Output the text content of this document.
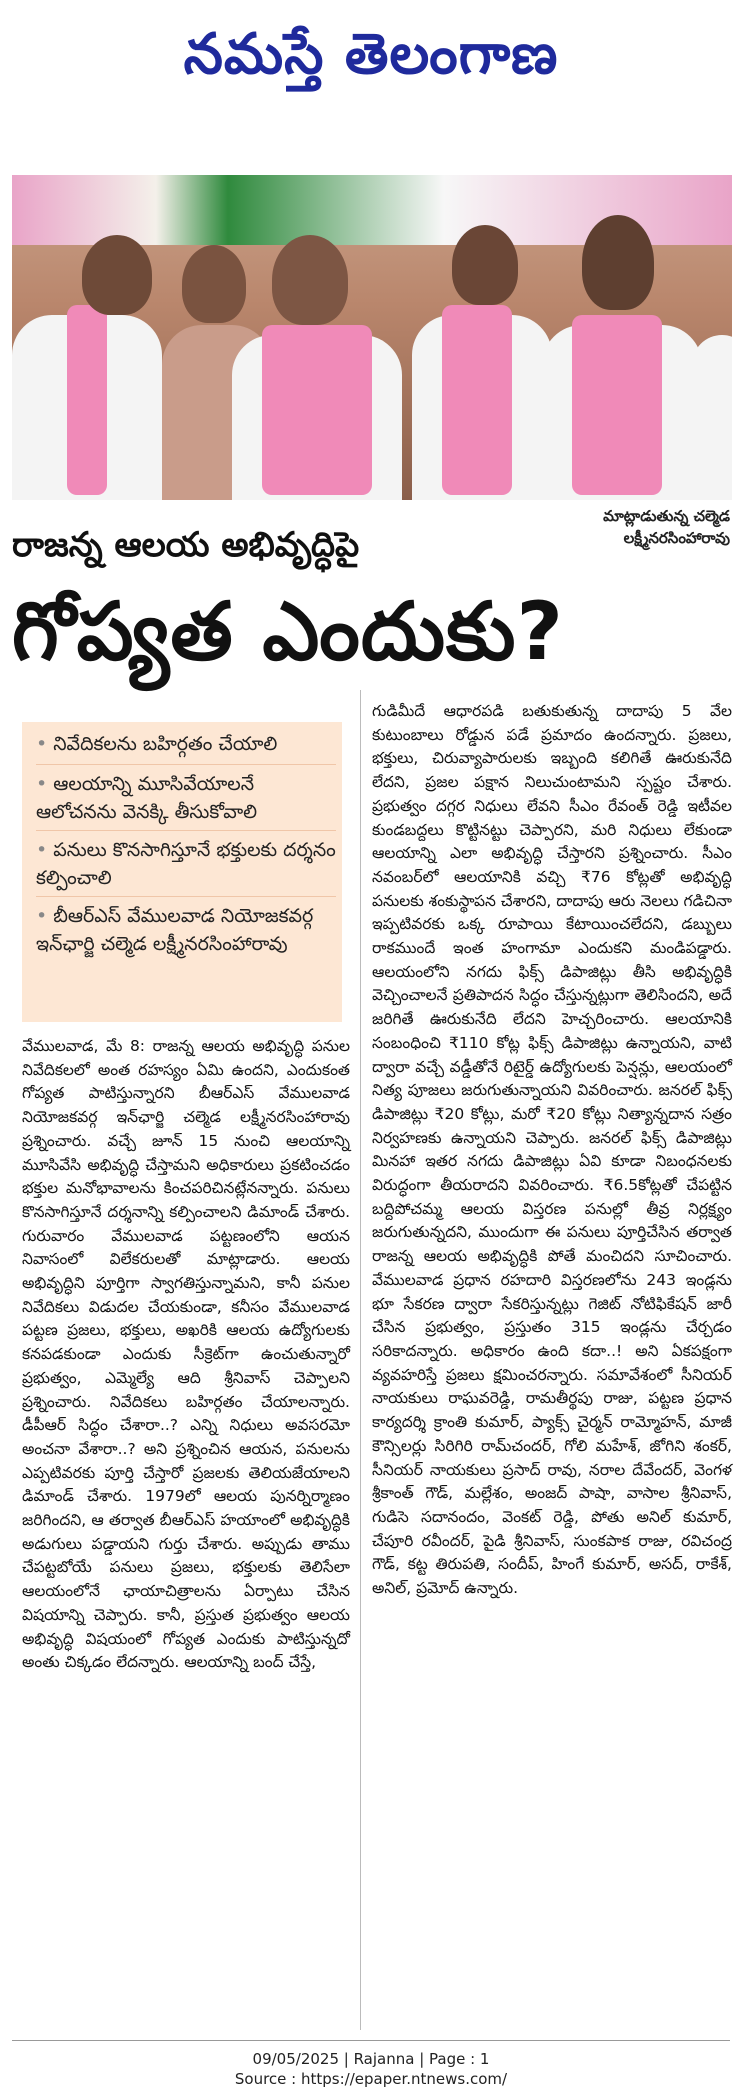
నమస్తే తెలంగాణ
మాట్లాడుతున్న చల్మెడ
లక్ష్మీనరసింహారావు
రాజన్న ఆలయ అభివృద్ధిపై
గోప్యత ఎందుకు?
• నివేదికలను బహిర్గతం చేయాలి
• ఆలయాన్ని మూసివేయాలనే ఆలోచనను వెనక్కి తీసుకోవాలి
• పనులు కొనసాగిస్తూనే భక్తులకు దర్శనం కల్పించాలి
• బీఆర్‌ఎస్ వేములవాడ నియోజకవర్గ ఇన్‌ఛార్జి చల్మెడ లక్ష్మీనరసింహారావు
వేములవాడ, మే 8: రాజన్న ఆలయ అభివృద్ధి పనుల నివేదికలలో అంత రహస్యం ఏమి ఉందని, ఎందుకంత గోప్యత పాటిస్తున్నారని బీఆర్‌ఎస్ వేములవాడ నియోజకవర్గ ఇన్‌ఛార్జి చల్మెడ లక్ష్మీనరసింహారావు ప్రశ్నించారు. వచ్చే జూన్ 15 నుంచి ఆలయాన్ని మూసివేసి అభివృద్ధి చేస్తామని అధికారులు ప్రకటించడం భక్తుల మనోభావాలను కించపరిచినట్లేనన్నారు. పనులు కొనసాగిస్తూనే దర్శనాన్ని కల్పించాలని డిమాండ్ చేశారు. గురువారం వేములవాడ పట్టణంలోని ఆయన నివాసంలో విలేకరులతో మాట్లాడారు. ఆలయ అభివృద్ధిని పూర్తిగా స్వాగతిస్తున్నామని, కానీ పనుల నివేదికలు విడుదల చేయకుండా, కనీసం వేములవాడ పట్టణ ప్రజలు, భక్తులు, అఖరికి ఆలయ ఉద్యోగులకు కనపడకుండా ఎందుకు సీక్రెట్‌గా ఉంచుతున్నారో ప్రభుత్వం, ఎమ్మెల్యే ఆది శ్రీనివాస్ చెప్పాలని ప్రశ్నించారు. నివేదికలు బహిర్గతం చేయాలన్నారు. డీపీఆర్ సిద్ధం చేశారా..? ఎన్ని నిధులు అవసరమో అంచనా వేశారా..? అని ప్రశ్నించిన ఆయన, పనులను ఎప్పటివరకు పూర్తి చేస్తారో ప్రజలకు తెలియజేయాలని డిమాండ్ చేశారు. 1979లో ఆలయ పునర్నిర్మాణం జరిగిందని, ఆ తర్వాత బీఆర్‌ఎస్ హయాంలో అభివృద్ధికి అడుగులు పడ్డాయని గుర్తు చేశారు. అప్పుడు తాము చేపట్టబోయే పనులు ప్రజలు, భక్తులకు తెలిసేలా ఆలయంలోనే ఛాయాచిత్రాలను ఏర్పాటు చేసిన విషయాన్ని చెప్పారు. కానీ, ప్రస్తుత ప్రభుత్వం ఆలయ అభివృద్ధి విషయంలో గోప్యత ఎందుకు పాటిస్తున్నదో అంతు చిక్కడం లేదన్నారు. ఆలయాన్ని బంద్ చేస్తే,
గుడిమీదే ఆధారపడి బతుకుతున్న దాదాపు 5 వేల కుటుంబాలు రోడ్డున పడే ప్రమాదం ఉందన్నారు. ప్రజలు, భక్తులు, చిరువ్యాపారులకు ఇబ్బంది కలిగితే ఊరుకునేది లేదని, ప్రజల పక్షాన నిలుచుంటామని స్పష్టం చేశారు. ప్రభుత్వం దగ్గర నిధులు లేవని సీఎం రేవంత్ రెడ్డి ఇటీవల కుండబద్దలు కొట్టినట్టు చెప్పారని, మరి నిధులు లేకుండా ఆలయాన్ని ఎలా అభివృద్ధి చేస్తారని ప్రశ్నించారు. సీఎం నవంబర్‌లో ఆలయానికి వచ్చి ₹76 కోట్లతో అభివృద్ధి పనులకు శంకుస్థాపన చేశారని, దాదాపు ఆరు నెలలు గడిచినా ఇప్పటివరకు ఒక్క రూపాయి కేటాయించలేదని, డబ్బులు రాకముందే ఇంత హంగామా ఎందుకని మండిపడ్డారు. ఆలయంలోని నగదు ఫిక్స్ డిపాజిట్లు తీసి అభివృద్ధికి వెచ్చించాలనే ప్రతిపాదన సిద్ధం చేస్తున్నట్లుగా తెలిసిందని, అదే జరిగితే ఊరుకునేది లేదని హెచ్చరించారు. ఆలయానికి సంబంధించి ₹110 కోట్ల ఫిక్స్ డిపాజిట్లు ఉన్నాయని, వాటి ద్వారా వచ్చే వడ్డీతోనే రిటైర్డ్ ఉద్యోగులకు పెన్షన్లు, ఆలయంలో నిత్య పూజలు జరుగుతున్నాయని వివరించారు. జనరల్ ఫిక్స్ డిపాజిట్లు ₹20 కోట్లు, మరో ₹20 కోట్లు నిత్యాన్నదాన సత్రం నిర్వహణకు ఉన్నాయని చెప్పారు. జనరల్ ఫిక్స్ డిపాజిట్లు మినహా ఇతర నగదు డిపాజిట్లు ఏవి కూడా నిబంధనలకు విరుద్ధంగా తీయరాదని వివరించారు. ₹6.5కోట్లతో చేపట్టిన బద్దిపోచమ్మ ఆలయ విస్తరణ పనుల్లో తీవ్ర నిర్లక్ష్యం జరుగుతున్నదని, ముందుగా ఈ పనులు పూర్తిచేసిన తర్వాత రాజన్న ఆలయ అభివృద్ధికి పోతే మంచిదని సూచించారు. వేములవాడ ప్రధాన రహదారి విస్తరణలోను 243 ఇండ్లను భూ సేకరణ ద్వారా సేకరిస్తున్నట్లు గెజిట్ నోటిఫికేషన్ జారీ చేసిన ప్రభుత్వం, ప్రస్తుతం 315 ఇండ్లను చేర్చడం సరికాదన్నారు. అధికారం ఉంది కదా..! అని ఏకపక్షంగా వ్యవహరిస్తే ప్రజలు క్షమించరన్నారు. సమావేశంలో సీనియర్ నాయకులు రాఘవరెడ్డి, రామతీర్థపు రాజు, పట్టణ ప్రధాన కార్యదర్శి క్రాంతి కుమార్, ప్యాక్స్ చైర్మన్ రామ్మోహన్, మాజీ కౌన్సిలర్లు సిరిగిరి రామ్‌చందర్, గోలి మహేశ్, జోగిని శంకర్, సీనియర్ నాయకులు ప్రసాద్ రావు, నరాల దేవేందర్, వెంగళ శ్రీకాంత్ గౌడ్, మల్లేశం, అంజద్ పాషా, వాసాల శ్రీనివాస్, గుడిసె సదానందం, వెంకట్ రెడ్డి, పోతు అనిల్ కుమార్, చేపూరి రవీందర్, పైడి శ్రీనివాస్, సుంకపాక రాజు, రవిచంద్ర గౌడ్, కట్ట తిరుపతి, సందీప్, హింగే కుమార్, అసద్, రాకేశ్, అనిల్, ప్రమోద్ ఉన్నారు.
09/05/2025 | Rajanna | Page : 1
Source : https://epaper.ntnews.com/
